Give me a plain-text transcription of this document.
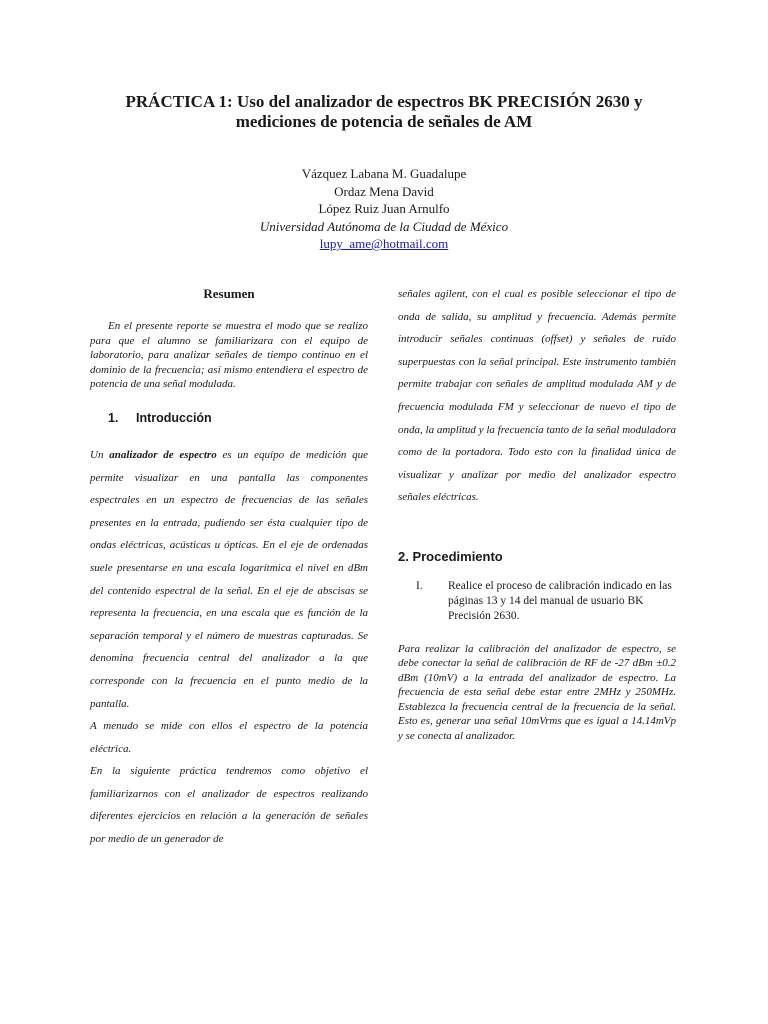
PRÁCTICA 1: Uso del analizador de espectros BK PRECISIÓN 2630 y
mediciones de potencia de señales de AM
Vázquez Labana M. Guadalupe
Ordaz Mena David
López Ruiz Juan Arnulfo
Universidad Autónoma de la Ciudad de México
lupy_ame@hotmail.com
Resumen

En el presente reporte se muestra el modo que se realizo para que el alumno se familiarizara con el equipo de laboratorio, para analizar señales de tiempo continuo en el dominio de la frecuencia; así mismo entendiera el espectro de potencia de una señal modulada.

1. Introducción

Un analizador de espectro es un equipo de medición que permite visualizar en una pantalla las componentes espectrales en un espectro de frecuencias de las señales presentes en la entrada, pudiendo ser ésta cualquier tipo de ondas eléctricas, acústicas u ópticas. En el eje de ordenadas suele presentarse en una escala logarítmica el nivel en dBm del contenido espectral de la señal. En el eje de abscisas se representa la frecuencia, en una escala que es función de la separación temporal y el número de muestras capturadas. Se denomina frecuencia central del analizador a la que corresponde con la frecuencia en el punto medio de la pantalla.

A menudo se mide con ellos el espectro de la potencia eléctrica.

En la siguiente práctica tendremos como objetivo el familiarizarnos con el analizador de espectros realizando diferentes ejercicios en relación a la generación de señales por medio de un generador de

señales agilent, con el cual es posible seleccionar el tipo de onda de salida, su amplitud y frecuencia. Además permite introducir señales continuas (offset) y señales de ruido superpuestas con la señal principal. Este instrumento también permite trabajar con señales de amplitud modulada AM y de frecuencia modulada FM y seleccionar de nuevo el tipo de onda, la amplitud y la frecuencia tanto de la señal moduladora como de la portadora. Todo esto con la finalidad única de visualizar y analizar por medio del analizador espectro señales eléctricas.

2. Procedimiento
I.	Realice el proceso de calibración indicado en las páginas 13 y 14 del manual de usuario BK Precisión 2630.

Para realizar la calibración del analizador de espectro, se debe conectar la señal de calibración de RF de -27 dBm ±0.2 dBm (10mV) a la entrada del analizador de espectro. La frecuencia de esta señal debe estar entre 2MHz y 250MHz. Establezca la frecuencia central de la frecuencia de la señal. Esto es, generar una señal 10mVrms que es igual a 14.14mVp y se conecta al analizador.
